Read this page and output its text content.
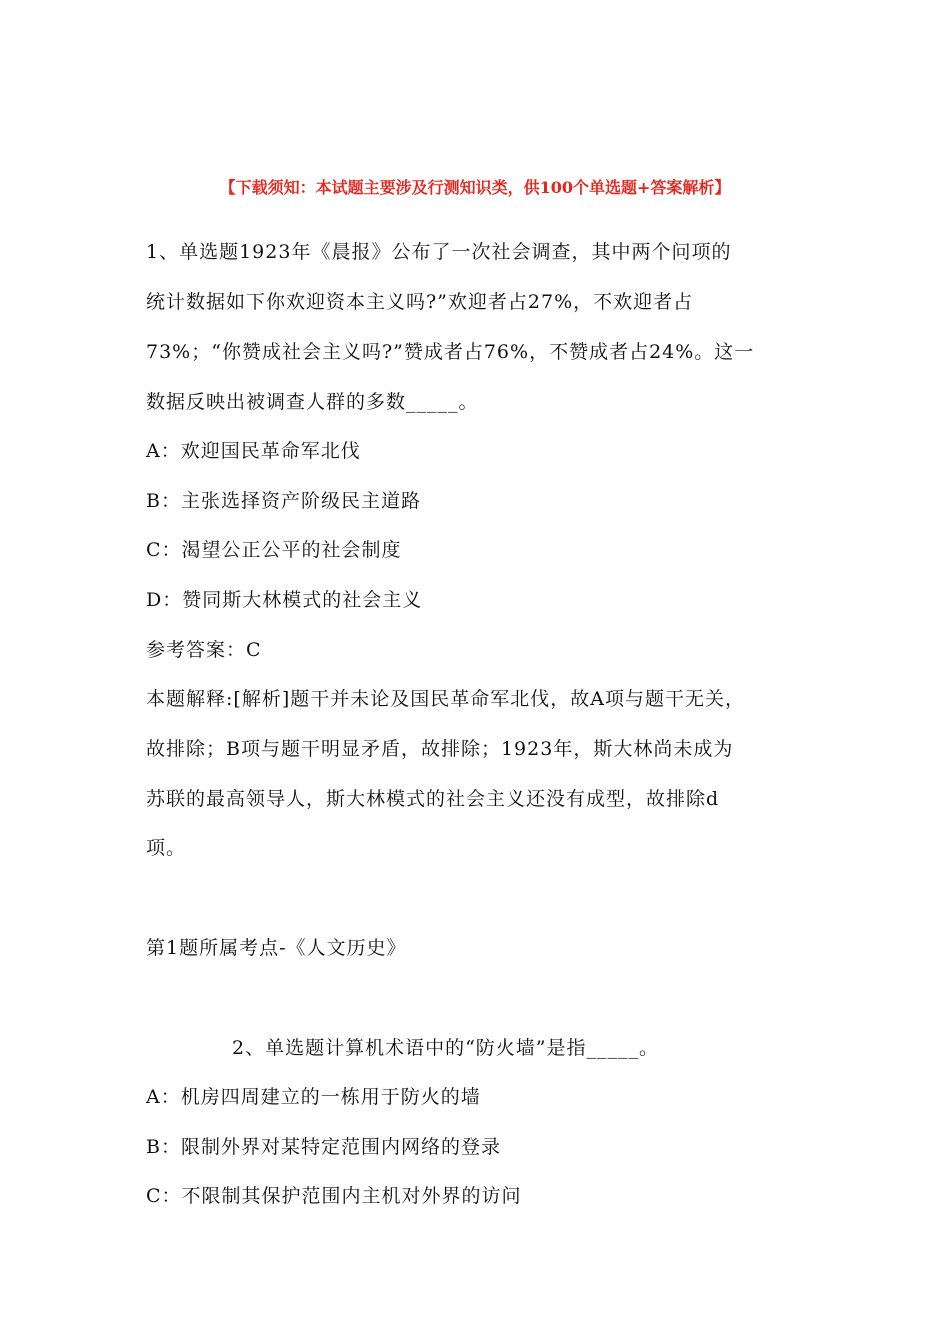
【下载须知：本试题主要涉及行测知识类，供100个单选题+答案解析】
1、单选题1923年《晨报》公布了一次社会调查，其中两个问项的
统计数据如下你欢迎资本主义吗?”欢迎者占27%，不欢迎者占
73%；“你赞成社会主义吗?”赞成者占76%，不赞成者占24%。这一
数据反映出被调查人群的多数_____。
A：欢迎国民革命军北伐
B：主张选择资产阶级民主道路
C：渴望公正公平的社会制度
D：赞同斯大林模式的社会主义
参考答案：C
本题解释:[解析]题干并未论及国民革命军北伐，故A项与题干无关，
故排除；B项与题干明显矛盾，故排除；1923年，斯大林尚未成为
苏联的最高领导人，斯大林模式的社会主义还没有成型，故排除d
项。
第1题所属考点-《人文历史》
2、单选题计算机术语中的“防火墙”是指_____。
A：机房四周建立的一栋用于防火的墙
B：限制外界对某特定范围内网络的登录
C：不限制其保护范围内主机对外界的访问
